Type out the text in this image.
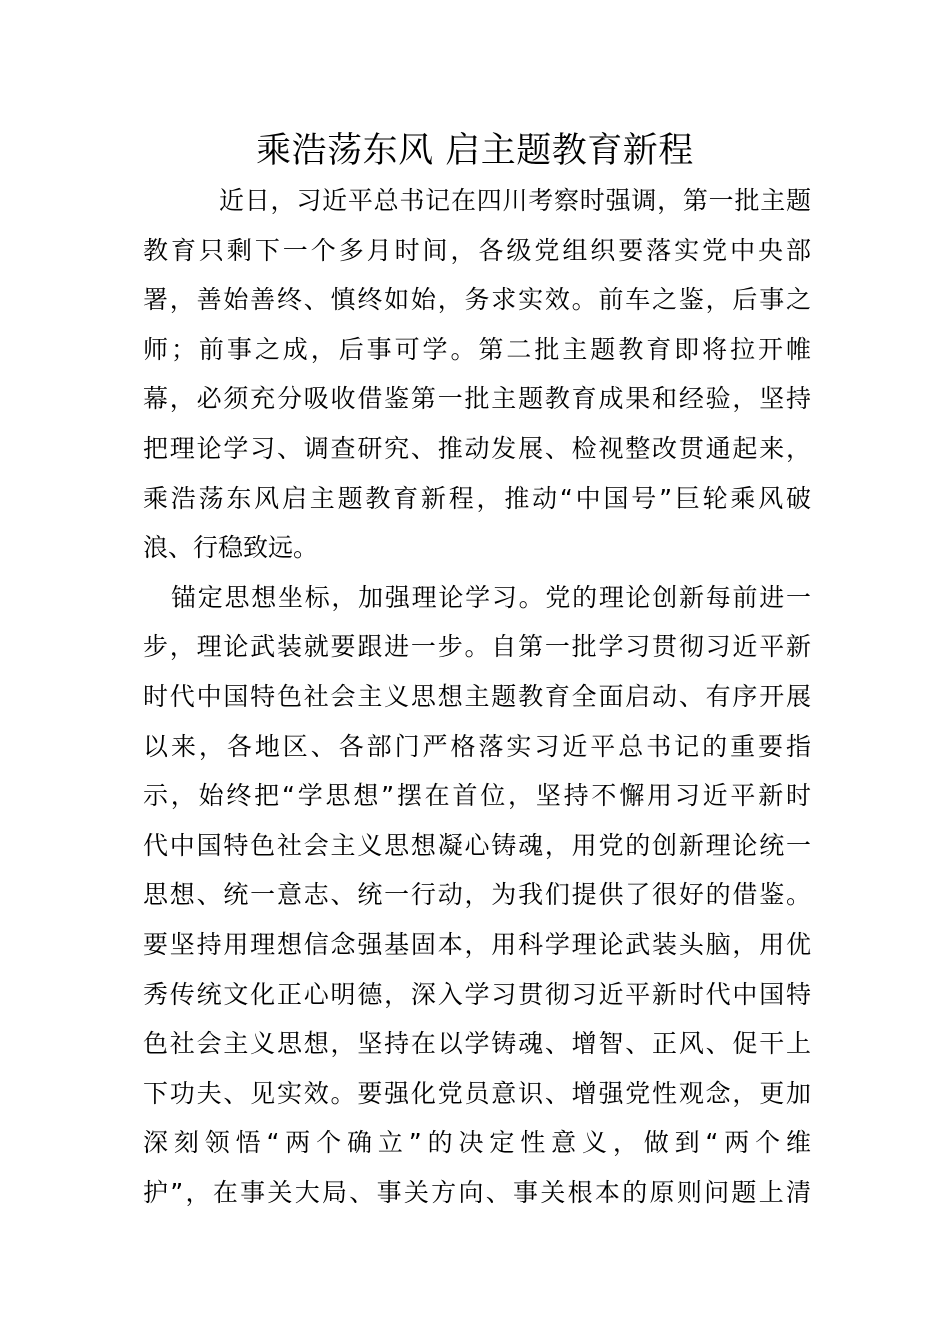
乘浩荡东风 启主题教育新程
近日，习近平总书记在四川考察时强调，第一批主题
教育只剩下一个多月时间，各级党组织要落实党中央部
署，善始善终、慎终如始，务求实效。前车之鉴，后事之
师；前事之成，后事可学。第二批主题教育即将拉开帷
幕，必须充分吸收借鉴第一批主题教育成果和经验，坚持
把理论学习、调查研究、推动发展、检视整改贯通起来，
乘浩荡东风启主题教育新程，推动“中国号”巨轮乘风破
浪、行稳致远。
锚定思想坐标，加强理论学习。党的理论创新每前进一
步，理论武装就要跟进一步。自第一批学习贯彻习近平新
时代中国特色社会主义思想主题教育全面启动、有序开展
以来，各地区、各部门严格落实习近平总书记的重要指
示，始终把“学思想”摆在首位，坚持不懈用习近平新时
代中国特色社会主义思想凝心铸魂，用党的创新理论统一
思想、统一意志、统一行动，为我们提供了很好的借鉴。
要坚持用理想信念强基固本，用科学理论武装头脑，用优
秀传统文化正心明德，深入学习贯彻习近平新时代中国特
色社会主义思想，坚持在以学铸魂、增智、正风、促干上
下功夫、见实效。要强化党员意识、增强党性观念，更加
深刻领悟“两个确立”的决定性意义，做到“两个维
护”，在事关大局、事关方向、事关根本的原则问题上清
